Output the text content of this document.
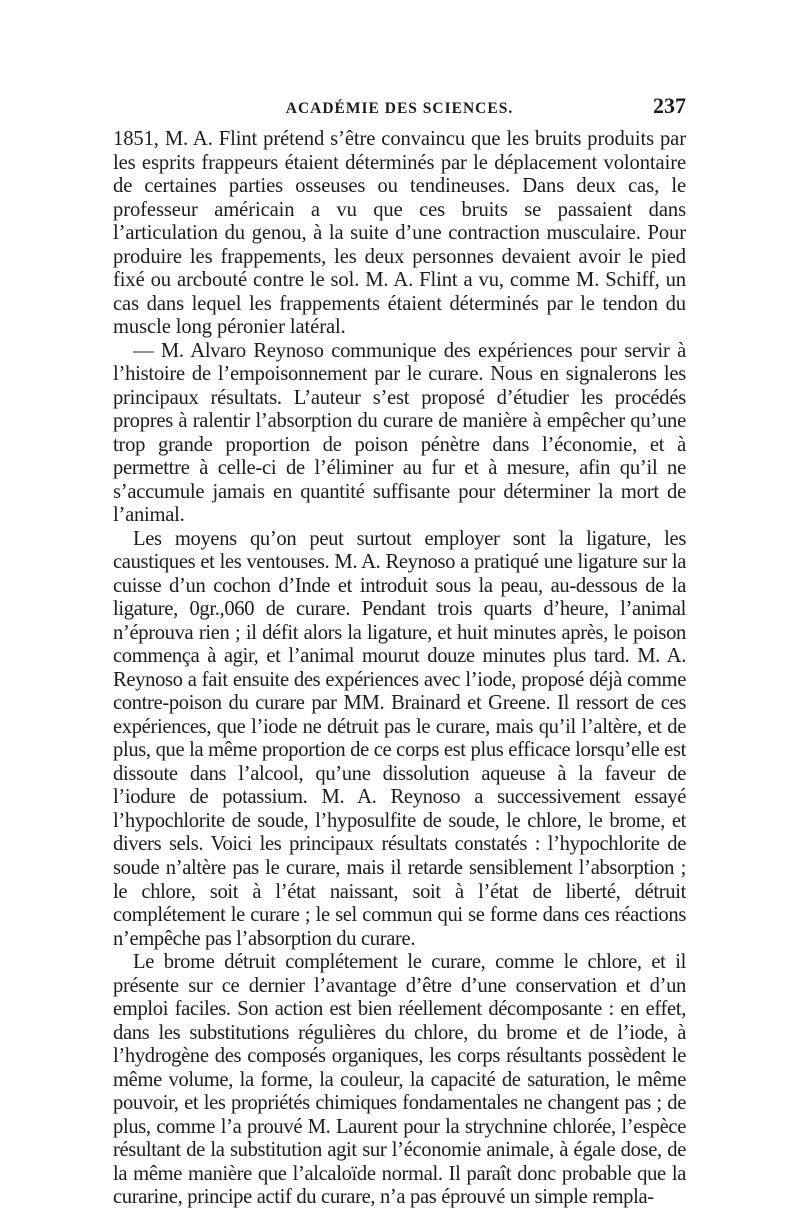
ACADÉMIE DES SCIENCES.	237

1851, M. A. Flint prétend s’être convaincu que les bruits produits par les esprits frappeurs étaient déterminés par le déplacement volontaire de certaines parties osseuses ou tendineuses. Dans deux cas, le professeur américain a vu que ces bruits se passaient dans l’articulation du genou, à la suite d’une contraction musculaire. Pour produire les frappements, les deux personnes devaient avoir le pied fixé ou arcbouté contre le sol. M. A. Flint a vu, comme M. Schiff, un cas dans lequel les frappements étaient déterminés par le tendon du muscle long péronier latéral.

— M. Alvaro Reynoso communique des expériences pour servir à l’histoire de l’empoisonnement par le curare. Nous en signalerons les principaux résultats. L’auteur s’est proposé d’étudier les procédés propres à ralentir l’absorption du curare de manière à empêcher qu’une trop grande proportion de poison pénètre dans l’économie, et à permettre à celle-ci de l’éliminer au fur et à mesure, afin qu’il ne s’accumule jamais en quantité suffisante pour déterminer la mort de l’animal.

Les moyens qu’on peut surtout employer sont la ligature, les caustiques et les ventouses. M. A. Reynoso a pratiqué une ligature sur la cuisse d’un cochon d’Inde et introduit sous la peau, au-dessous de la ligature, 0gr.,060 de curare. Pendant trois quarts d’heure, l’animal n’éprouva rien ; il défit alors la ligature, et huit minutes après, le poison commença à agir, et l’animal mourut douze minutes plus tard. M. A. Reynoso a fait ensuite des expériences avec l’iode, proposé déjà comme contre-poison du curare par MM. Brainard et Greene. Il ressort de ces expériences, que l’iode ne détruit pas le curare, mais qu’il l’altère, et de plus, que la même proportion de ce corps est plus efficace lorsqu’elle est dissoute dans l’alcool, qu’une dissolution aqueuse à la faveur de l’iodure de potassium. M. A. Reynoso a successivement essayé l’hypochlorite de soude, l’hyposulfite de soude, le chlore, le brome, et divers sels. Voici les principaux résultats constatés : l’hypochlorite de soude n’altère pas le curare, mais il retarde sensiblement l’absorption ; le chlore, soit à l’état naissant, soit à l’état de liberté, détruit complétement le curare ; le sel commun qui se forme dans ces réactions n’empêche pas l’absorption du curare.

Le brome détruit complétement le curare, comme le chlore, et il présente sur ce dernier l’avantage d’être d’une conservation et d’un emploi faciles. Son action est bien réellement décomposante : en effet, dans les substitutions régulières du chlore, du brome et de l’iode, à l’hydrogène des composés organiques, les corps résultants possèdent le même volume, la forme, la couleur, la capacité de saturation, le même pouvoir, et les propriétés chimiques fondamentales ne changent pas ; de plus, comme l’a prouvé M. Laurent pour la strychnine chlorée, l’espèce résultant de la substitution agit sur l’économie animale, à égale dose, de la même manière que l’alcaloïde normal. Il paraît donc probable que la curarine, principe actif du curare, n’a pas éprouvé un simple rempla-
